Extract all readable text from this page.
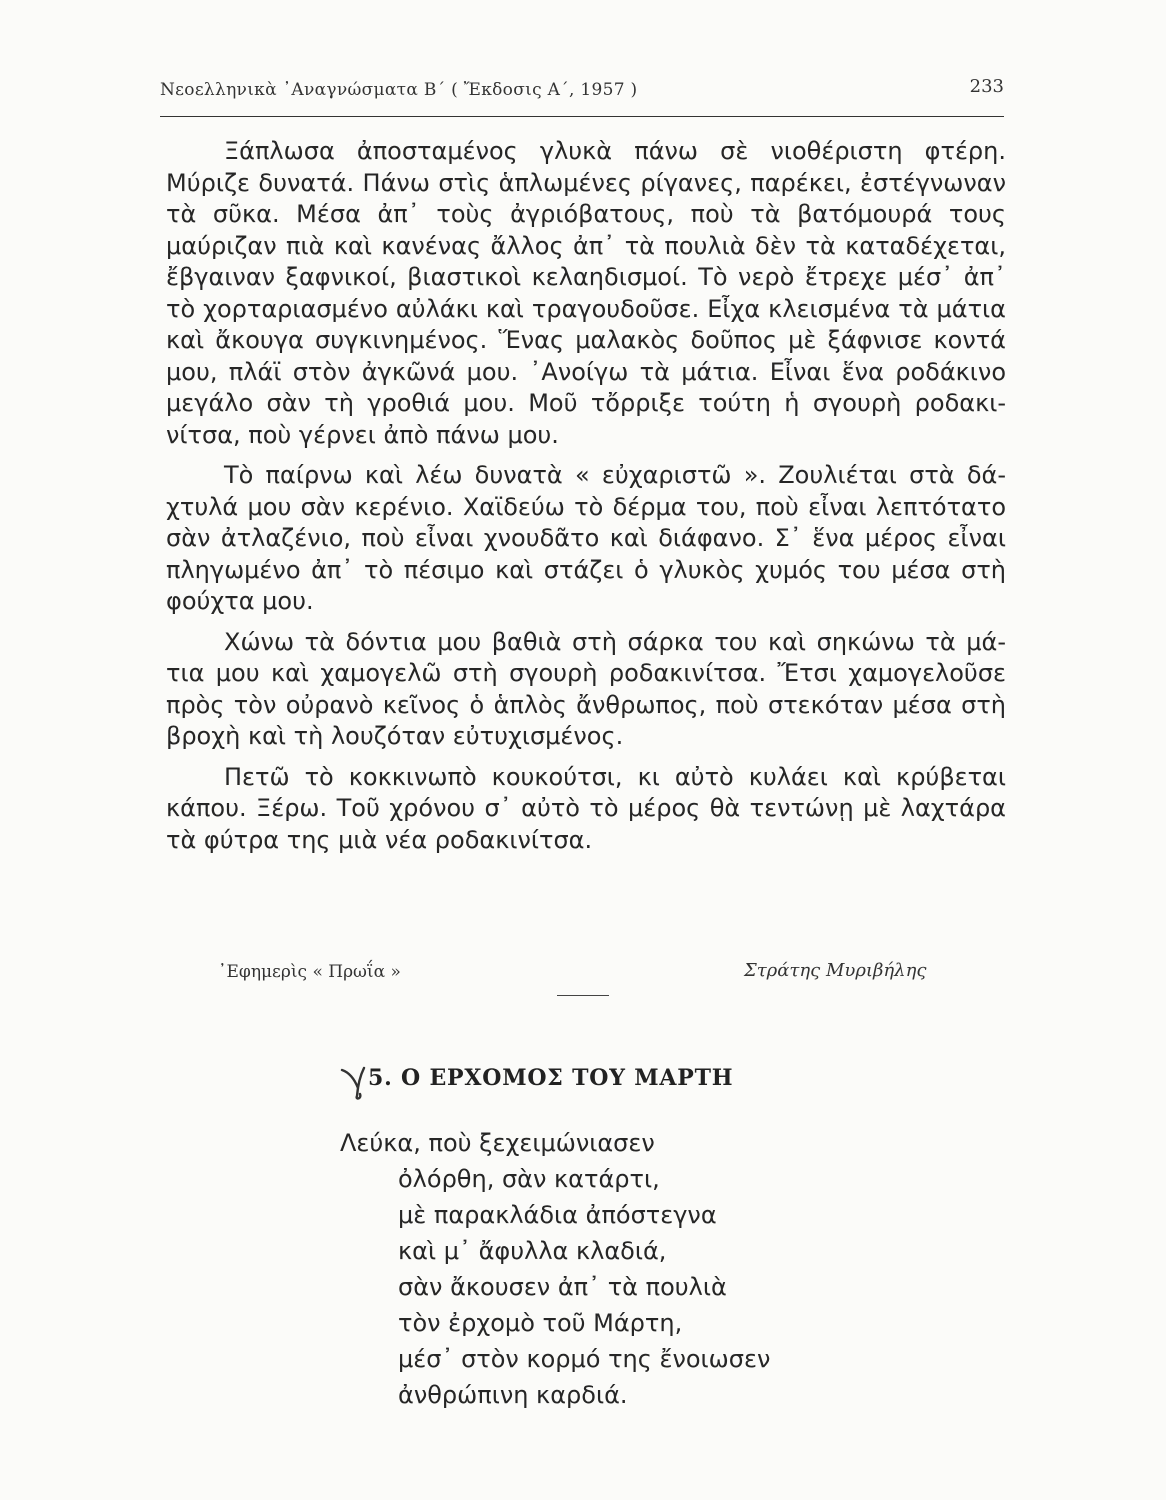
Νεοελληνικὰ ᾿Αναγνώσματα Β΄ ( Ἔκδοσις Α΄, 1957 )	233
Ξάπλωσα ἀποσταμένος γλυκὰ πάνω σὲ νιοθέριστη φτέρη.
Μύριζε δυνατά. Πάνω στὶς ἁπλωμένες ρίγανες, παρέκει, ἐστέγνωναν
τὰ σῦκα. Μέσα ἀπ᾿ τοὺς ἀγριόβατους, ποὺ τὰ βατόμουρά τους
μαύριζαν πιὰ καὶ κανένας ἄλλος ἀπ᾿ τὰ πουλιὰ δὲν τὰ καταδέχεται,
ἔβγαιναν ξαφνικοί, βιαστικοὶ κελαηδισμοί. Τὸ νερὸ ἔτρεχε μέσ᾿ ἀπ᾿
τὸ χορταριασμένο αὐλάκι καὶ τραγουδοῦσε. Εἶχα κλεισμένα τὰ μάτια
καὶ ἄκουγα συγκινημένος. Ἕνας μαλακὸς δοῦπος μὲ ξάφνισε κοντά
μου, πλάϊ στὸν ἀγκῶνά μου. ᾿Ανοίγω τὰ μάτια. Εἶναι ἕνα ροδάκινο
μεγάλο σὰν τὴ γροθιά μου. Μοῦ τὄρριξε τούτη ἡ σγουρὴ ροδακι-
νίτσα, ποὺ γέρνει ἀπὸ πάνω μου.
Τὸ παίρνω καὶ λέω δυνατὰ « εὐχαριστῶ ». Ζουλιέται στὰ δά-
χτυλά μου σὰν κερένιο. Χαϊδεύω τὸ δέρμα του, ποὺ εἶναι λεπτότατο
σὰν ἀτλαζένιο, ποὺ εἶναι χνουδᾶτο καὶ διάφανο. Σ᾿ ἕνα μέρος εἶναι
πληγωμένο ἀπ᾿ τὸ πέσιμο καὶ στάζει ὁ γλυκὸς χυμός του μέσα στὴ
φούχτα μου.
Χώνω τὰ δόντια μου βαθιὰ στὴ σάρκα του καὶ σηκώνω τὰ μά-
τια μου καὶ χαμογελῶ στὴ σγουρὴ ροδακινίτσα. Ἔτσι χαμογελοῦσε
πρὸς τὸν οὐρανὸ κεῖνος ὁ ἁπλὸς ἄνθρωπος, ποὺ στεκόταν μέσα στὴ
βροχὴ καὶ τὴ λουζόταν εὐτυχισμένος.
Πετῶ τὸ κοκκινωπὸ κουκούτσι, κι αὐτὸ κυλάει καὶ κρύβεται
κάπου. Ξέρω. Τοῦ χρόνου σ᾿ αὐτὸ τὸ μέρος θὰ τεντώνῃ μὲ λαχτάρα
τὰ φύτρα της μιὰ νέα ροδακινίτσα.
᾿Εφημερὶς « Πρωΐα »	Στράτης Μυριβήλης
5. Ο ΕΡΧΟΜΟΣ ΤΟΥ ΜΑΡΤΗ
Λεύκα, ποὺ ξεχειμώνιασεν
ὀλόρθη, σὰν κατάρτι,
μὲ παρακλάδια ἀπόστεγνα
καὶ μ᾿ ἄφυλλα κλαδιά,
σὰν ἄκουσεν ἀπ᾿ τὰ πουλιὰ
τὸν ἐρχομὸ τοῦ Μάρτη,
μέσ᾿ στὸν κορμό της ἔνοιωσεν
ἀνθρώπινη καρδιά.
